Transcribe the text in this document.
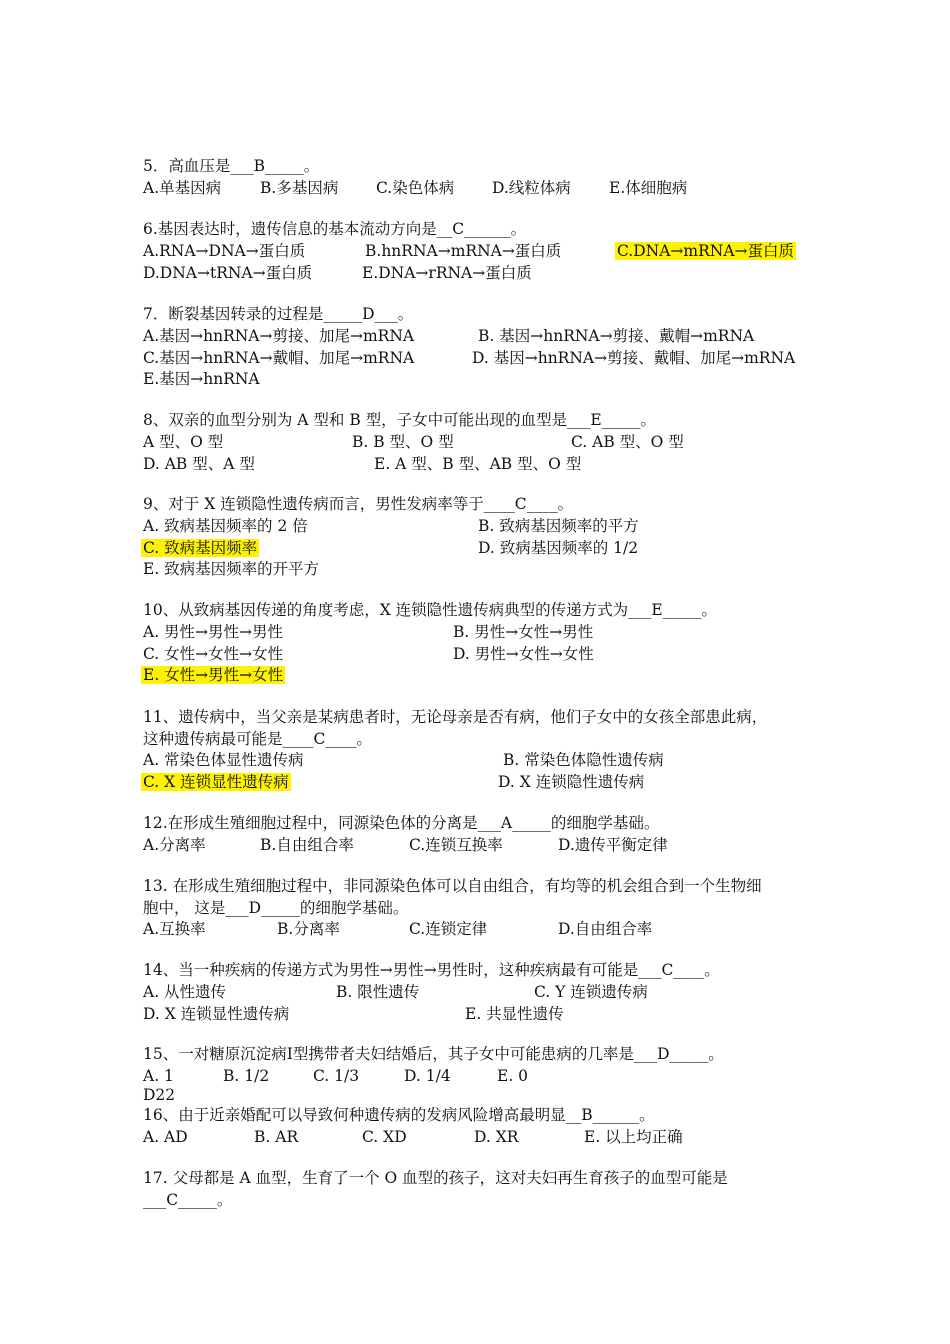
5．高血压是___B_____。
A.单基因病	B.多基因病 C.染色体病 D.线粒体病 E.体细胞病
6.基因表达时，遗传信息的基本流动方向是__C______。
A.RNA→DNA→蛋白质	B.hnRNA→mRNA→蛋白质	C.DNA→mRNA→蛋白质
D.DNA→tRNA→蛋白质	E.DNA→rRNA→蛋白质
7．断裂基因转录的过程是_____D___。
A.基因→hnRNA→剪接、加尾→mRNA	B. 基因→hnRNA→剪接、戴帽→mRNA
C.基因→hnRNA→戴帽、加尾→mRNA	D. 基因→hnRNA→剪接、戴帽、加尾→mRNA
E.基因→hnRNA
8、双亲的血型分别为 A 型和 B 型，子女中可能出现的血型是___E_____。
A 型、O 型	B. B 型、O 型	C. AB 型、O 型
D. AB 型、A 型	E. A 型、B 型、AB 型、O 型
9、对于 X 连锁隐性遗传病而言，男性发病率等于____C____。
A. 致病基因频率的 2 倍	B. 致病基因频率的平方
C. 致病基因频率	D. 致病基因频率的 1/2
E. 致病基因频率的开平方
10、从致病基因传递的角度考虑，X 连锁隐性遗传病典型的传递方式为___E_____。
A. 男性→男性→男性	B. 男性→女性→男性
C. 女性→女性→女性	D. 男性→女性→女性
E. 女性→男性→女性
11、遗传病中，当父亲是某病患者时，无论母亲是否有病，他们子女中的女孩全部患此病，
这种遗传病最可能是____C____。
A. 常染色体显性遗传病	B. 常染色体隐性遗传病
C. X 连锁显性遗传病	D. X 连锁隐性遗传病
12.在形成生殖细胞过程中，同源染色体的分离是___A_____的细胞学基础。
A.分离率	B.自由组合率	C.连锁互换率	D.遗传平衡定律
13. 在形成生殖细胞过程中，非同源染色体可以自由组合，有均等的机会组合到一个生物细
胞中， 这是___D_____的细胞学基础。
A.互换率	B.分离率	C.连锁定律	D.自由组合率
14、当一种疾病的传递方式为男性→男性→男性时，这种疾病最有可能是___C____。
A. 从性遗传	B. 限性遗传	C. Y 连锁遗传病
D. X 连锁显性遗传病	E. 共显性遗传
15、一对糖原沉淀病Ⅰ型携带者夫妇结婚后，其子女中可能患病的几率是___D_____。
A. 1	B. 1/2	C. 1/3	D. 1/4	E. 0
D22
16、由于近亲婚配可以导致何种遗传病的发病风险增高最明显__B______。
A. AD	B. AR	C. XD	D. XR	E. 以上均正确
17. 父母都是 A 血型，生育了一个 O 血型的孩子，这对夫妇再生育孩子的血型可能是
___C_____。
